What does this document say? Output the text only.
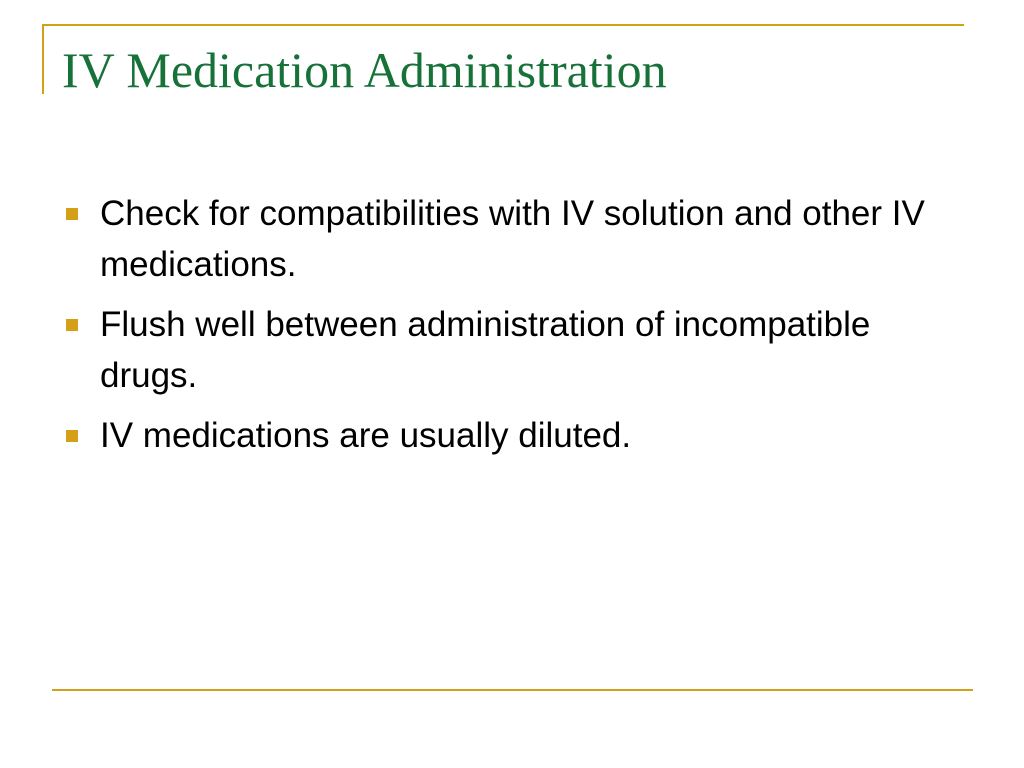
IV Medication Administration
Check for compatibilities with IV solution and other IV medications.
Flush well between administration of incompatible drugs.
IV medications are usually diluted.
